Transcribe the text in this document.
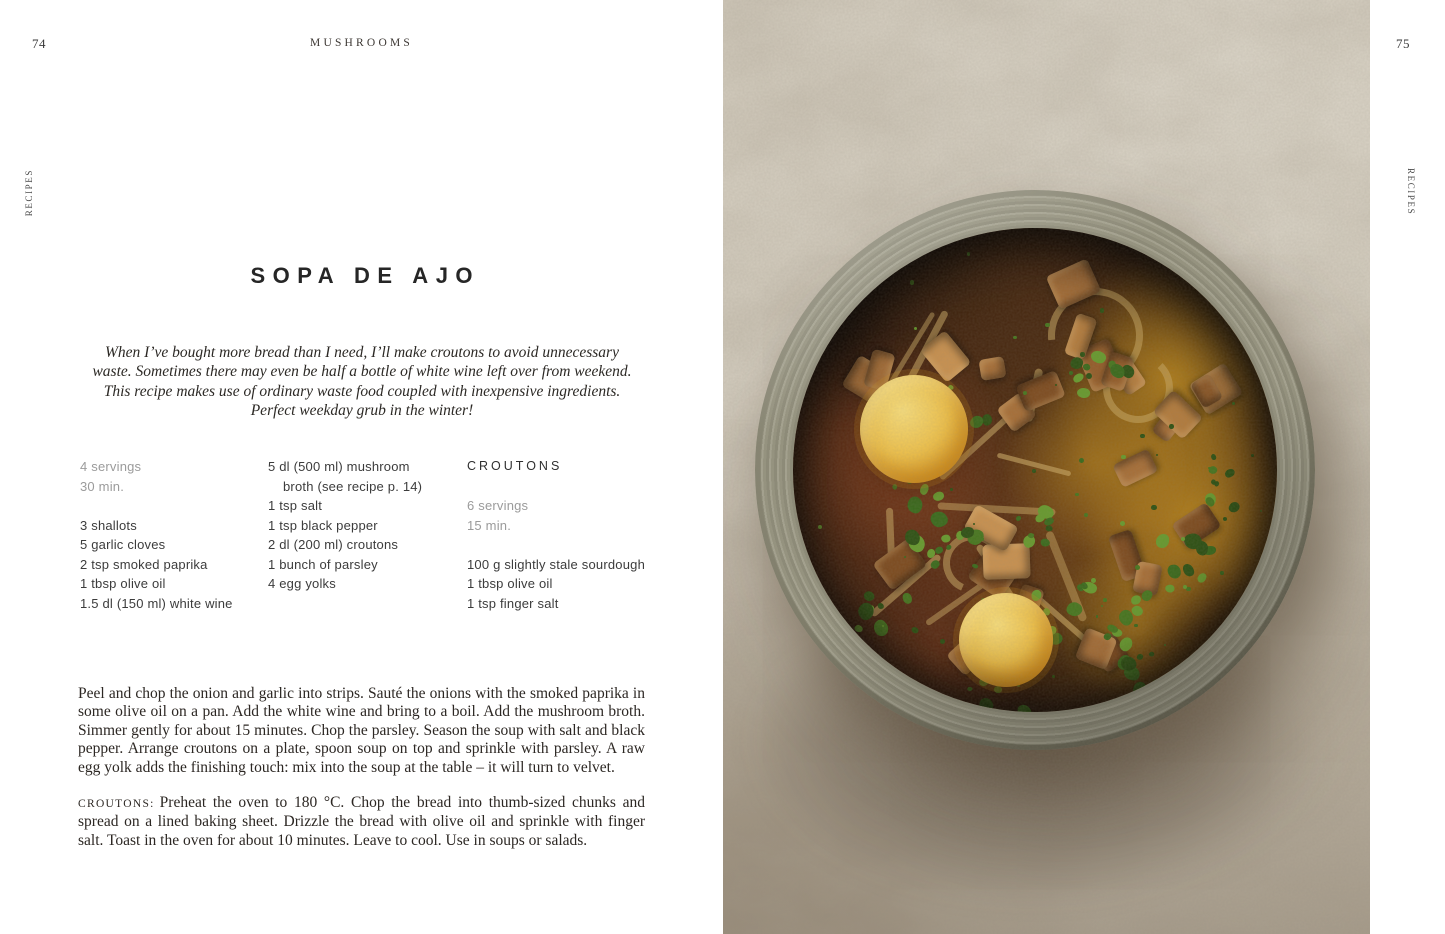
74	MUSHROOMS
RECIPES
SOPA DE AJO

When I’ve bought more bread than I need, I’ll make croutons to avoid unnecessary waste. Sometimes there may even be half a bottle of white wine left over from weekend. This recipe makes use of ordinary waste food coupled with inexpensive ingredients. Perfect weekday grub in the winter!

4 servings
30 min.
3 shallots
5 garlic cloves
2 tsp smoked paprika
1 tbsp olive oil
1.5 dl (150 ml) white wine
5 dl (500 ml) mushroom broth (see recipe p. 14)
1 tsp salt
1 tsp black pepper
2 dl (200 ml) croutons
1 bunch of parsley
4 egg yolks
CROUTONS
6 servings
15 min.
100 g slightly stale sourdough
1 tbsp olive oil
1 tsp finger salt

Peel and chop the onion and garlic into strips. Sauté the onions with the smoked paprika in some olive oil on a pan. Add the white wine and bring to a boil. Add the mushroom broth. Simmer gently for about 15 minutes. Chop the parsley. Season the soup with salt and black pepper. Arrange croutons on a plate, spoon soup on top and sprinkle with parsley. A raw egg yolk adds the finishing touch: mix into the soup at the table – it will turn to velvet.

CROUTONS: Preheat the oven to 180 °C. Chop the bread into thumb-sized chunks and spread on a lined baking sheet. Drizzle the bread with olive oil and sprinkle with finger salt. Toast in the oven for about 10 minutes. Leave to cool. Use in soups or salads.

75
RECIPES
